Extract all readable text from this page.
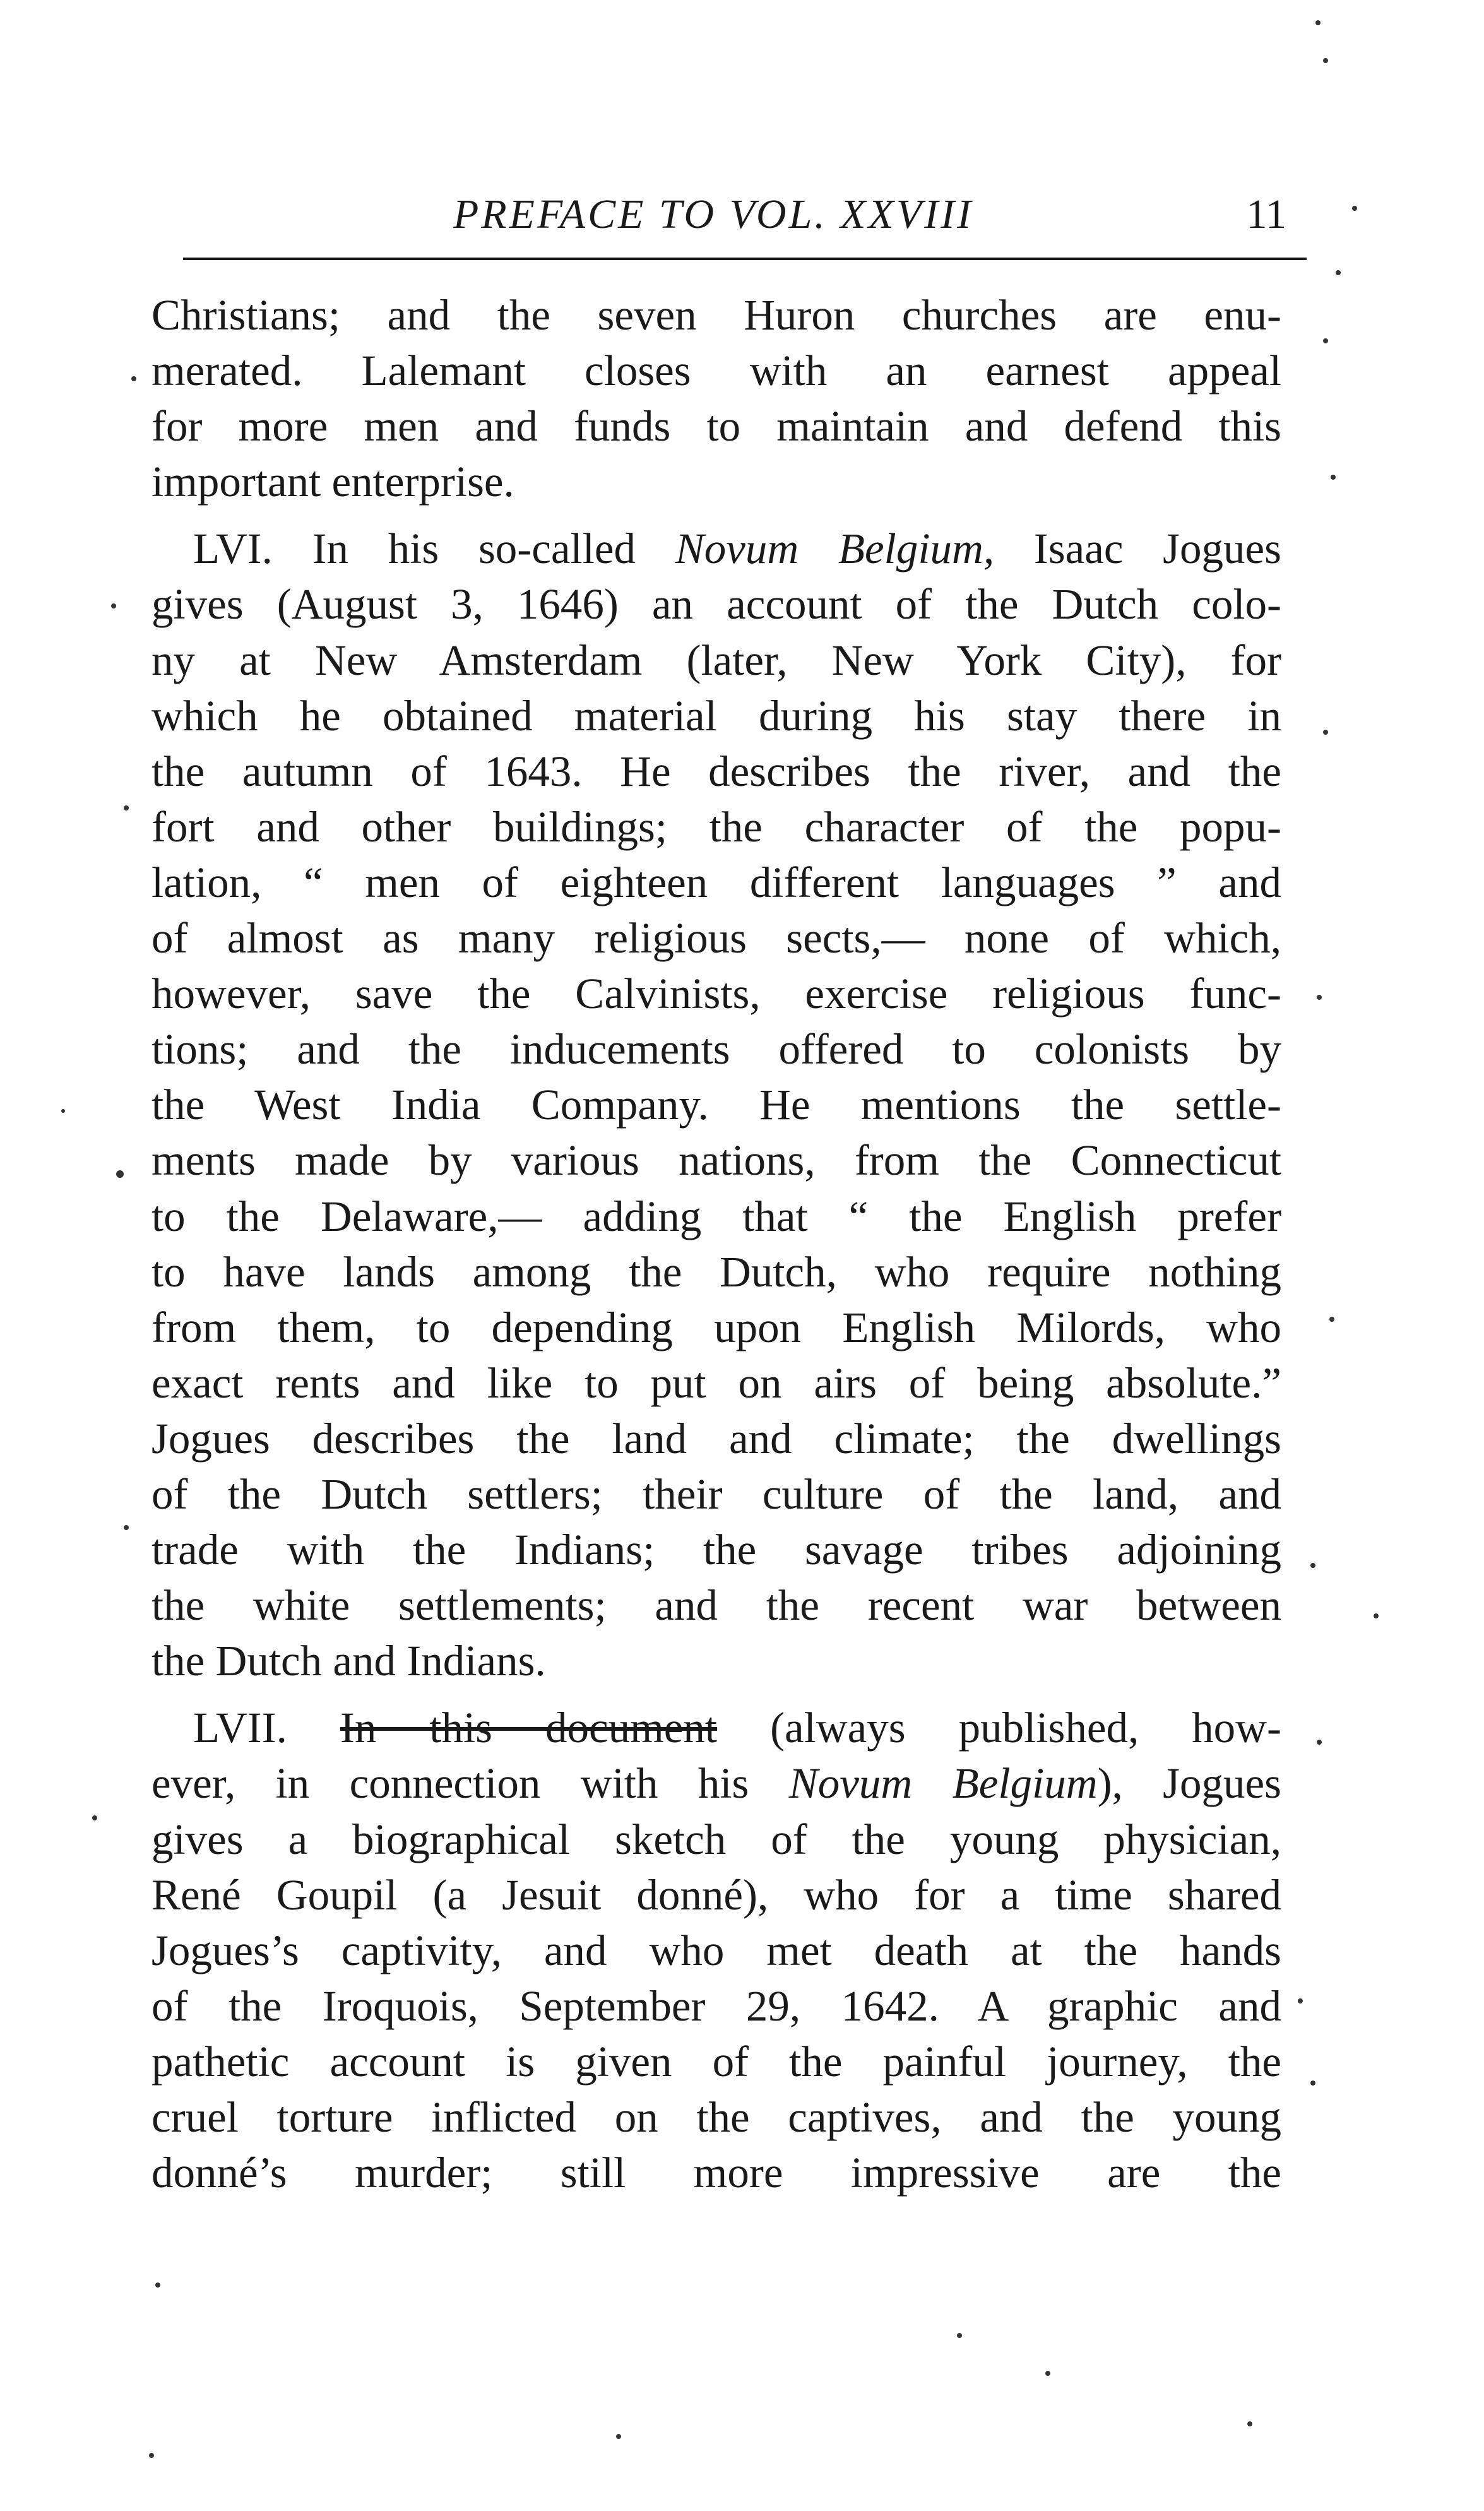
PREFACE TO VOL. XXVIII	11

Christians; and the seven Huron churches are enu-

merated. Lalemant closes with an earnest appeal

for more men and funds to maintain and defend this

important enterprise.

LVI. In his so-called Novum Belgium, Isaac Jogues

gives (August 3, 1646) an account of the Dutch colo-

ny at New Amsterdam (later, New York City), for

which he obtained material during his stay there in

the autumn of 1643. He describes the river, and the

fort and other buildings; the character of the popu-

lation, “ men of eighteen different languages ” and

of almost as many religious sects,— none of which,

however, save the Calvinists, exercise religious func-

tions; and the inducements offered to colonists by

the West India Company. He mentions the settle-

ments made by various nations, from the Connecticut

to the Delaware,— adding that “ the English prefer

to have lands among the Dutch, who require nothing

from them, to depending upon English Milords, who

exact rents and like to put on airs of being absolute.”

Jogues describes the land and climate; the dwellings

of the Dutch settlers; their culture of the land, and

trade with the Indians; the savage tribes adjoining

the white settlements; and the recent war between

the Dutch and Indians.

LVII. In this document (always published, how-

ever, in connection with his Novum Belgium), Jogues

gives a biographical sketch of the young physician,

René Goupil (a Jesuit donné), who for a time shared

Jogues’s captivity, and who met death at the hands

of the Iroquois, September 29, 1642. A graphic and

pathetic account is given of the painful journey, the

cruel torture inflicted on the captives, and the young

donné’s murder; still more impressive are the
